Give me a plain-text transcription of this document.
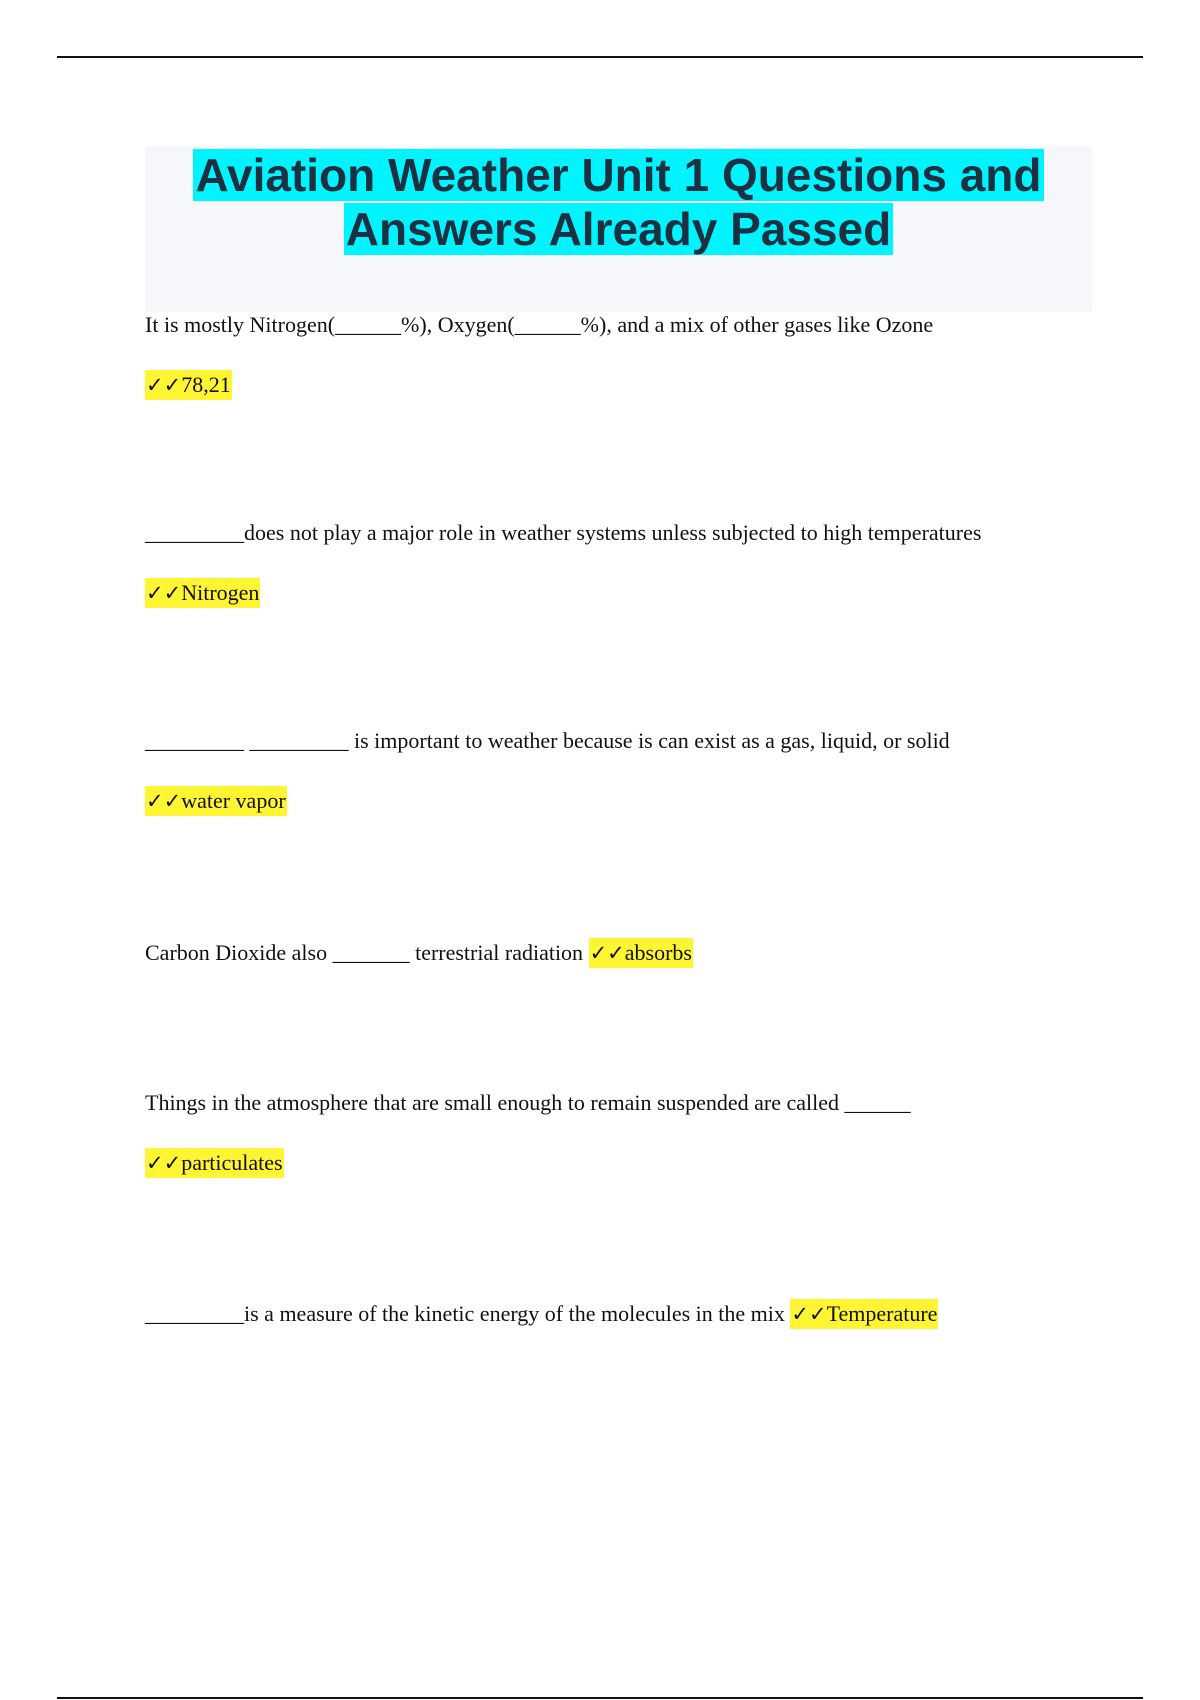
Aviation Weather Unit 1 Questions and
Answers Already Passed
It is mostly Nitrogen(______%), Oxygen(______%), and a mix of other gases like Ozone
✓✓78,21
_________does not play a major role in weather systems unless subjected to high temperatures
✓✓Nitrogen
_________ _________ is important to weather because is can exist as a gas, liquid, or solid
✓✓water vapor
Carbon Dioxide also _______ terrestrial radiation ✓✓absorbs
Things in the atmosphere that are small enough to remain suspended are called ______
✓✓particulates
_________is a measure of the kinetic energy of the molecules in the mix ✓✓Temperature
